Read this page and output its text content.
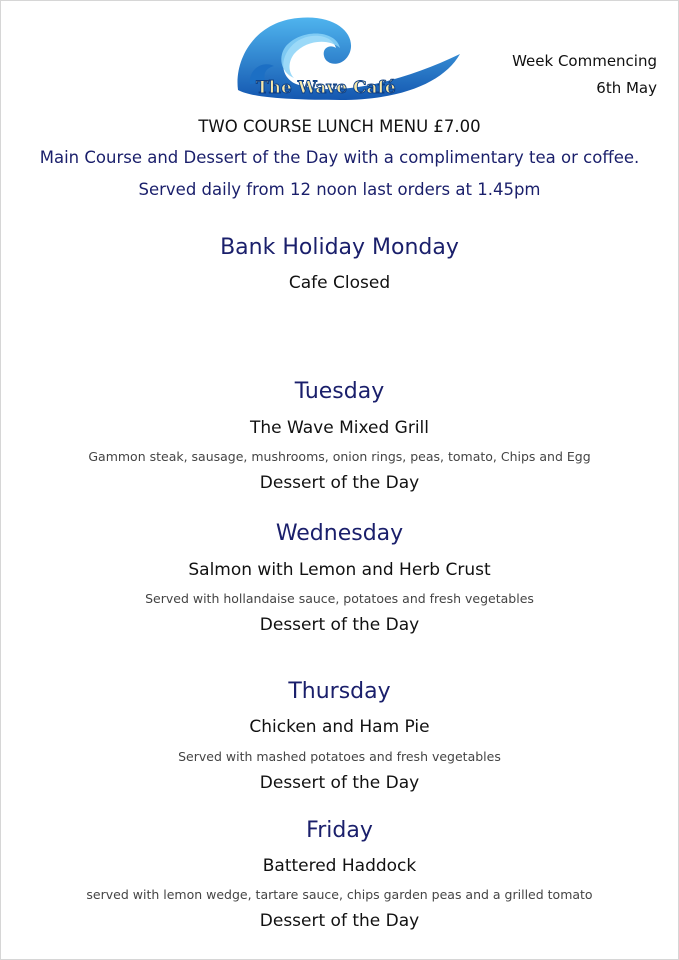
The Wave Café
Week Commencing
6th May
TWO COURSE LUNCH MENU £7.00
Main Course and Dessert of the Day with a complimentary tea or coffee.
Served daily from 12 noon last orders at 1.45pm
Bank Holiday Monday
Cafe Closed
Tuesday
The Wave Mixed Grill
Gammon steak, sausage, mushrooms, onion rings, peas, tomato, Chips and Egg
Dessert of the Day
Wednesday
Salmon with Lemon and Herb Crust
Served with hollandaise sauce, potatoes and fresh vegetables
Dessert of the Day
Thursday
Chicken and Ham Pie
Served with mashed potatoes and fresh vegetables
Dessert of the Day
Friday
Battered Haddock
served with lemon wedge, tartare sauce, chips garden peas and a grilled tomato
Dessert of the Day
